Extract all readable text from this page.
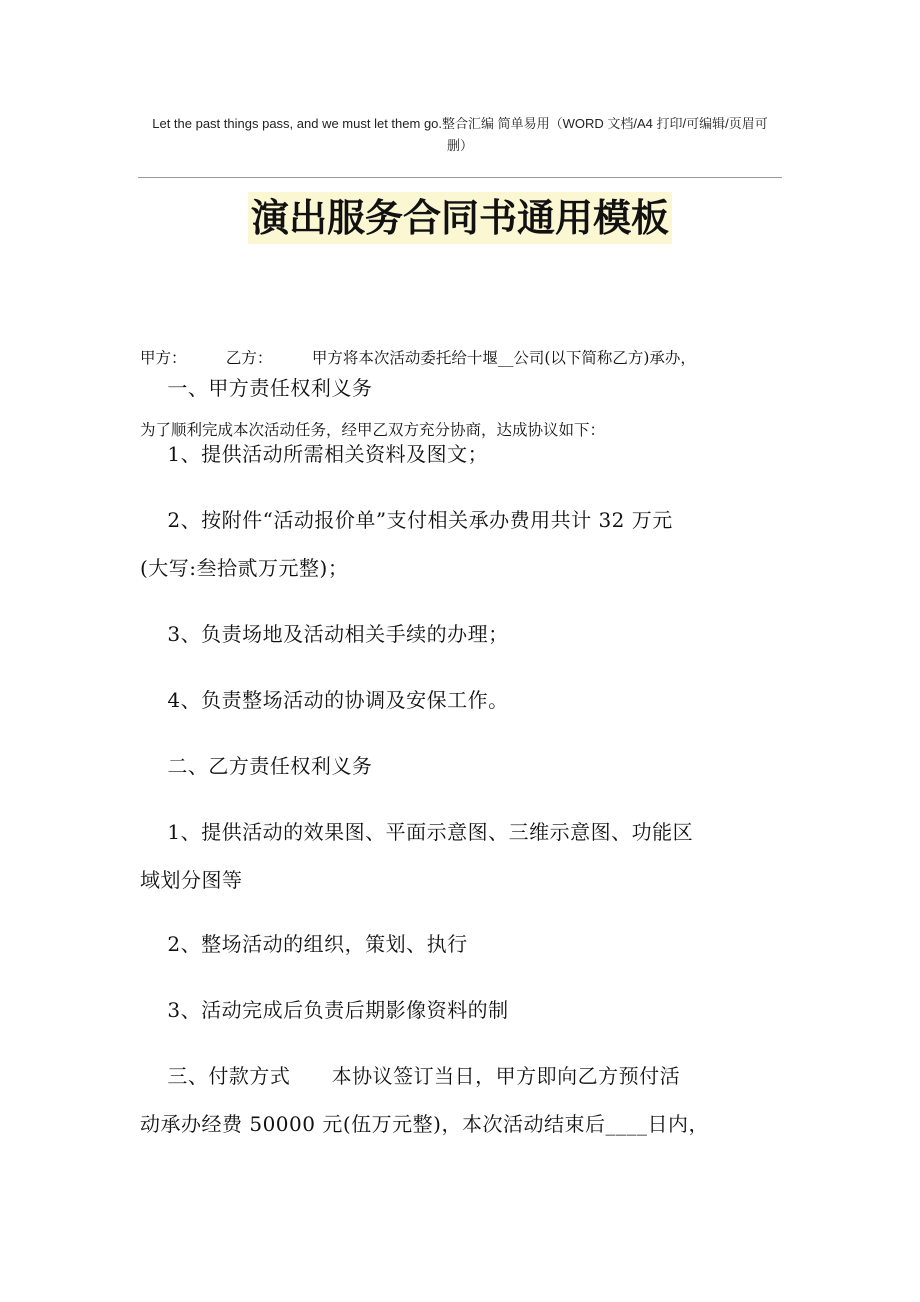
Let the past things pass, and we must let them go.整合汇编 简单易用（WORD 文档/A4 打印/可编辑/页眉可
删）
演出服务合同书通用模板

甲方：        乙方：        甲方将本次活动委托给十堰__公司(以下简称乙方)承办，

为了顺利完成本次活动任务，经甲乙双方充分协商，达成协议如下：

一、甲方责任权利义务
1、提供活动所需相关资料及图文；
2、按附件“活动报价单”支付相关承办费用共计 32 万元
(大写:叁拾贰万元整)；
3、负责场地及活动相关手续的办理；
4、负责整场活动的协调及安保工作。
二、乙方责任权利义务
1、提供活动的效果图、平面示意图、三维示意图、功能区
域划分图等
2、整场活动的组织，策划、执行
3、活动完成后负责后期影像资料的制
三、付款方式      本协议签订当日，甲方即向乙方预付活
动承办经费 50000 元(伍万元整)，本次活动结束后____日内，
